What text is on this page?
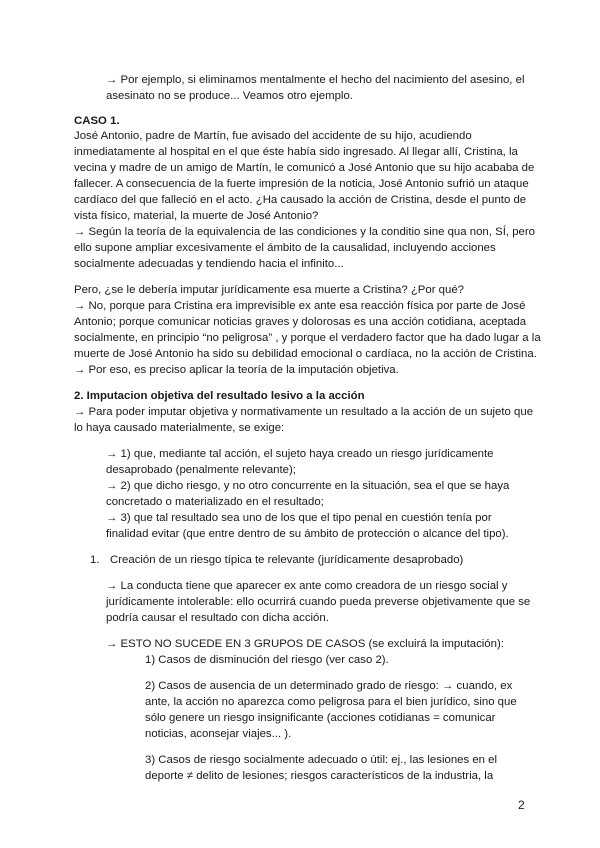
→ Por ejemplo, si eliminamos mentalmente el hecho del nacimiento del asesino, el
asesinato no se produce... Veamos otro ejemplo.
CASO 1.
José Antonio, padre de Martín, fue avisado del accidente de su hijo, acudiendo
inmediatamente al hospital en el que éste había sido ingresado. Al llegar allí, Cristina, la
vecina y madre de un amigo de Martín, le comunicó a José Antonio que su hijo acababa de
fallecer. A consecuencia de la fuerte impresión de la noticia, José Antonio sufrió un ataque
cardíaco del que falleció en el acto. ¿Ha causado la acción de Cristina, desde el punto de
vista físico, material, la muerte de José Antonio?
→ Según la teoría de la equivalencia de las condiciones y la conditio sine qua non, SÍ, pero
ello supone ampliar excesivamente el ámbito de la causalidad, incluyendo acciones
socialmente adecuadas y tendiendo hacia el infinito...
Pero, ¿se le debería imputar jurídicamente esa muerte a Cristina? ¿Por qué?
→ No, porque para Cristina era imprevisible ex ante esa reacción física por parte de José
Antonio; porque comunicar noticias graves y dolorosas es una acción cotidiana, aceptada
socialmente, en principio “no peligrosa” , y porque el verdadero factor que ha dado lugar a la
muerte de José Antonio ha sido su debilidad emocional o cardíaca, no la acción de Cristina.
→ Por eso, es preciso aplicar la teoría de la imputación objetiva.
2. Imputacion objetiva del resultado lesivo a la acción
→ Para poder imputar objetiva y normativamente un resultado a la acción de un sujeto que
lo haya causado materialmente, se exige:
→ 1) que, mediante tal acción, el sujeto haya creado un riesgo jurídicamente
desaprobado (penalmente relevante);
→ 2) que dicho riesgo, y no otro concurrente en la situación, sea el que se haya
concretado o materializado en el resultado;
→ 3) que tal resultado sea uno de los que el tipo penal en cuestión tenía por
finalidad evitar (que entre dentro de su ámbito de protección o alcance del tipo).
1. Creación de un riesgo típica te relevante (jurídicamente desaprobado)
→ La conducta tiene que aparecer ex ante como creadora de un riesgo social y
jurídicamente intolerable: ello ocurrirá cuando pueda preverse objetivamente que se
podría causar el resultado con dicha acción.
→ ESTO NO SUCEDE EN 3 GRUPOS DE CASOS (se excluirá la imputación):
1) Casos de disminución del riesgo (ver caso 2).
2) Casos de ausencia de un determinado grado de riesgo: → cuando, ex
ante, la acción no aparezca como peligrosa para el bien jurídico, sino que
sólo genere un riesgo insignificante (acciones cotidianas = comunicar
noticias, aconsejar viajes... ).
3) Casos de riesgo socialmente adecuado o útil: ej., las lesiones en el
deporte ≠ delito de lesiones; riesgos característicos de la industria, la
2
